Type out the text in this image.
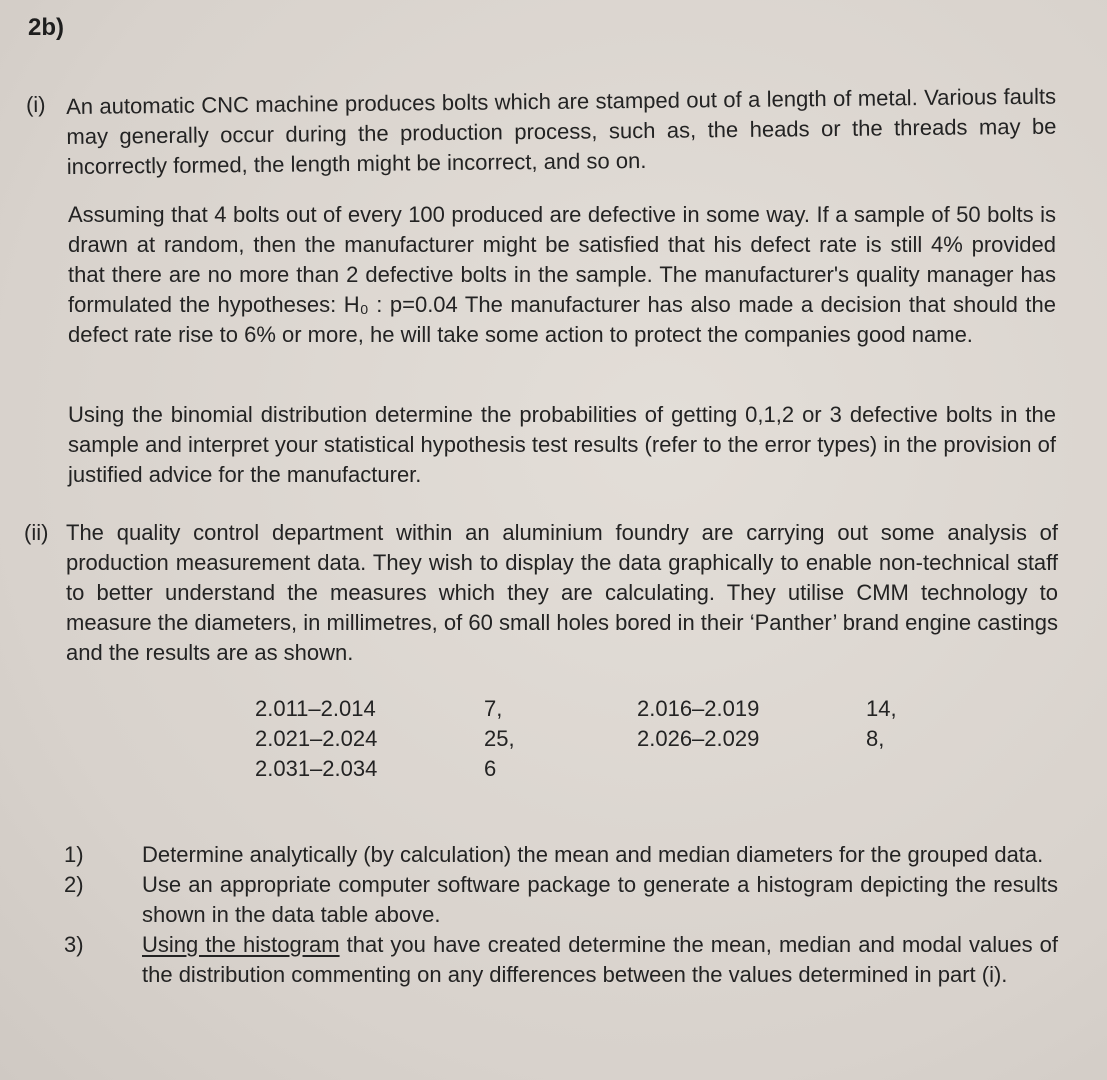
2b)
(i) An automatic CNC machine produces bolts which are stamped out of a length of metal. Various faults may generally occur during the production process, such as, the heads or the threads may be incorrectly formed, the length might be incorrect, and so on.
Assuming that 4 bolts out of every 100 produced are defective in some way. If a sample of 50 bolts is drawn at random, then the manufacturer might be satisfied that his defect rate is still 4% provided that there are no more than 2 defective bolts in the sample. The manufacturer's quality manager has formulated the hypotheses: H₀ : p=0.04 The manufacturer has also made a decision that should the defect rate rise to 6% or more, he will take some action to protect the companies good name.
Using the binomial distribution determine the probabilities of getting 0,1,2 or 3 defective bolts in the sample and interpret your statistical hypothesis test results (refer to the error types) in the provision of justified advice for the manufacturer.
(ii) The quality control department within an aluminium foundry are carrying out some analysis of production measurement data. They wish to display the data graphically to enable non-technical staff to better understand the measures which they are calculating. They utilise CMM technology to measure the diameters, in millimetres, of 60 small holes bored in their ‘Panther’ brand engine castings and the results are as shown.
2.011–2.014	7,	2.016–2.019	14,
2.021–2.024	25,	2.026–2.029	8,
2.031–2.034	6
1)	Determine analytically (by calculation) the mean and median diameters for the grouped data.
2)	Use an appropriate computer software package to generate a histogram depicting the results shown in the data table above.
3)	Using the histogram that you have created determine the mean, median and modal values of the distribution commenting on any differences between the values determined in part (i).
